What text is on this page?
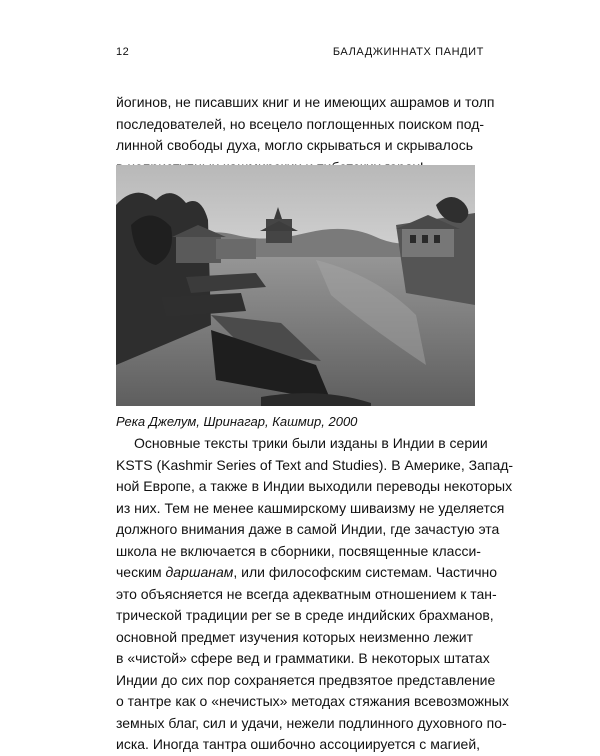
12	БАЛАДЖИННАТХ ПАНДИТ
йогинов, не писавших книг и не имеющих ашрамов и толп
последователей, но всецело поглощенных поиском под-
линной свободы духа, могло скрываться и скрывалось
Река Джелум, Шринагар, Кашмир, 2000
Основные тексты трики были изданы в Индии в серии
KSTS (Kashmir Series of Text and Studies). В Америке, Запад-
ной Европе, а также в Индии выходили переводы некоторых
из них. Тем не менее кашмирскому шиваизму не уделяется
должного внимания даже в самой Индии, где зачастую эта
школа не включается в сборники, посвященные класси-
ческим даршанам, или философским системам. Частично
это объясняется не всегда адекватным отношением к тан-
трической традиции per se в среде индийских брахманов,
основной предмет изучения которых неизменно лежит
в «чистой» сфере вед и грамматики. В некоторых штатах
Индии до сих пор сохраняется предвзятое представление
о тантре как о «нечистых» методах стяжания всевозможных
земных благ, сил и удачи, нежели подлинного духовного по-
иска. Иногда тантра ошибочно ассоциируется с магией,
